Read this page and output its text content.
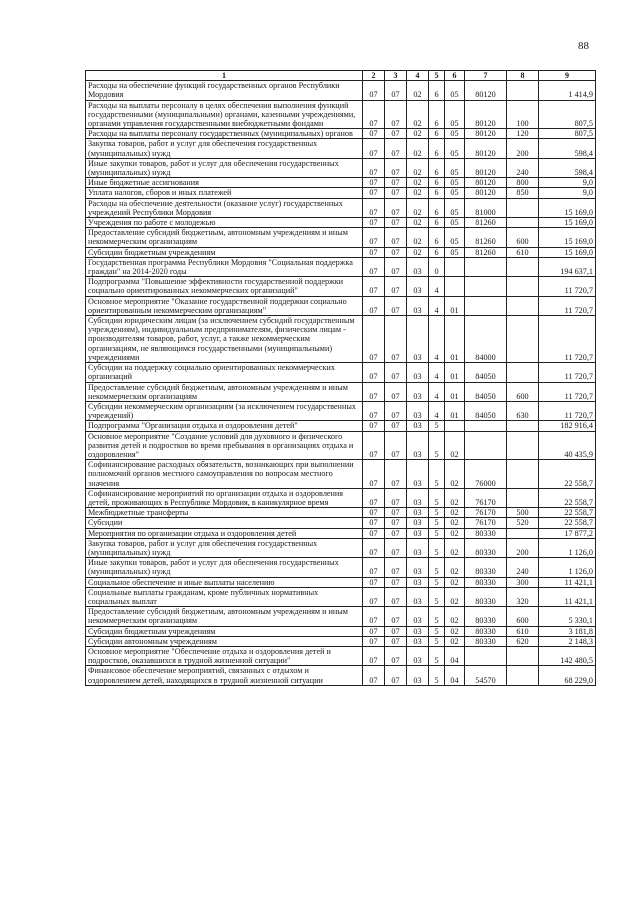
88
1	2	3	4	5	6	7	8	9
Расходы на обеспечение функций государственных органов Республики Мордовия	07	07	02	6	05	80120		1 414,9
Расходы на выплаты персоналу в целях обеспечения выполнения функций государственными (муниципальными) органами, казенными учреждениями, органами управления государственными внебюджетными фондами	07	07	02	6	05	80120	100	807,5
Расходы на выплаты персоналу государственных (муниципальных) органов	07	07	02	6	05	80120	120	807,5
Закупка товаров, работ и услуг для обеспечения государственных (муниципальных) нужд	07	07	02	6	05	80120	200	598,4
Иные закупки товаров, работ и услуг для обеспечения государственных (муниципальных) нужд	07	07	02	6	05	80120	240	598,4
Иные бюджетные ассигнования	07	07	02	6	05	80120	800	9,0
Уплата налогов, сборов и иных платежей	07	07	02	6	05	80120	850	9,0
Расходы на обеспечение деятельности (оказание услуг) государственных учреждений Республики Мордовия	07	07	02	6	05	81000		15 169,0
Учреждения по работе с молодежью	07	07	02	6	05	81260		15 169,0
Предоставление субсидий бюджетным, автономным учреждениям и иным некоммерческим организациям	07	07	02	6	05	81260	600	15 169,0
Субсидии бюджетным учреждениям	07	07	02	6	05	81260	610	15 169,0
Государственная программа Республики Мордовия "Социальная поддержка граждан" на 2014-2020 годы	07	07	03	0				194 637,1
Подпрограмма "Повышение эффективности государственной поддержки социально ориентированных некоммерческих организаций"	07	07	03	4				11 720,7
Основное мероприятие "Оказание государственной поддержки социально ориентированным некоммерческим организациям"	07	07	03	4	01			11 720,7
Субсидии юридическим лицам (за исключением субсидий государственным учреждениям), индивидуальным предпринимателям, физическим лицам - производителям товаров, работ, услуг, а также некоммерческим организациям, не являющимся государственными (муниципальными) учреждениями	07	07	03	4	01	84000		11 720,7
Субсидии на поддержку социально ориентированных некоммерческих организаций	07	07	03	4	01	84050		11 720,7
Предоставление субсидий бюджетным, автономным учреждениям и иным некоммерческим организациям	07	07	03	4	01	84050	600	11 720,7
Субсидии некоммерческим организациям (за исключением государственных учреждений)	07	07	03	4	01	84050	630	11 720,7
Подпрограмма "Организация отдыха и оздоровления детей"	07	07	03	5				182 916,4
Основное мероприятие "Создание условий для духовного и физического развития детей и подростков во время пребывания в организациях отдыха и оздоровления"	07	07	03	5	02			40 435,9
Софинансирование расходных обязательств, возникающих при выполнении полномочий органов местного самоуправления по вопросам местного значения	07	07	03	5	02	76000		22 558,7
Софинансирование мероприятий по организации отдыха и оздоровления детей, проживающих в Республике Мордовия, в каникулярное время	07	07	03	5	02	76170		22 558,7
Межбюджетные трансферты	07	07	03	5	02	76170	500	22 558,7
Субсидии	07	07	03	5	02	76170	520	22 558,7
Мероприятия по организации отдыха и оздоровления детей	07	07	03	5	02	80330		17 877,2
Закупка товаров, работ и услуг для обеспечения государственных (муниципальных) нужд	07	07	03	5	02	80330	200	1 126,0
Иные закупки товаров, работ и услуг для обеспечения государственных (муниципальных) нужд	07	07	03	5	02	80330	240	1 126,0
Социальное обеспечение и иные выплаты населению	07	07	03	5	02	80330	300	11 421,1
Социальные выплаты гражданам, кроме публичных нормативных социальных выплат	07	07	03	5	02	80330	320	11 421,1
Предоставление субсидий бюджетным, автономным учреждениям и иным некоммерческим организациям	07	07	03	5	02	80330	600	5 330,1
Субсидии бюджетным учреждениям	07	07	03	5	02	80330	610	3 181,8
Субсидии автономным учреждениям	07	07	03	5	02	80330	620	2 148,3
Основное мероприятие "Обеспечение отдыха и оздоровления детей и подростков, оказавшихся в трудной жизненной ситуации"	07	07	03	5	04			142 480,5
Финансовое обеспечение мероприятий, связанных с отдыхом и оздоровлением детей, находящихся в трудной жизненной ситуации	07	07	03	5	04	54570		68 229,0
